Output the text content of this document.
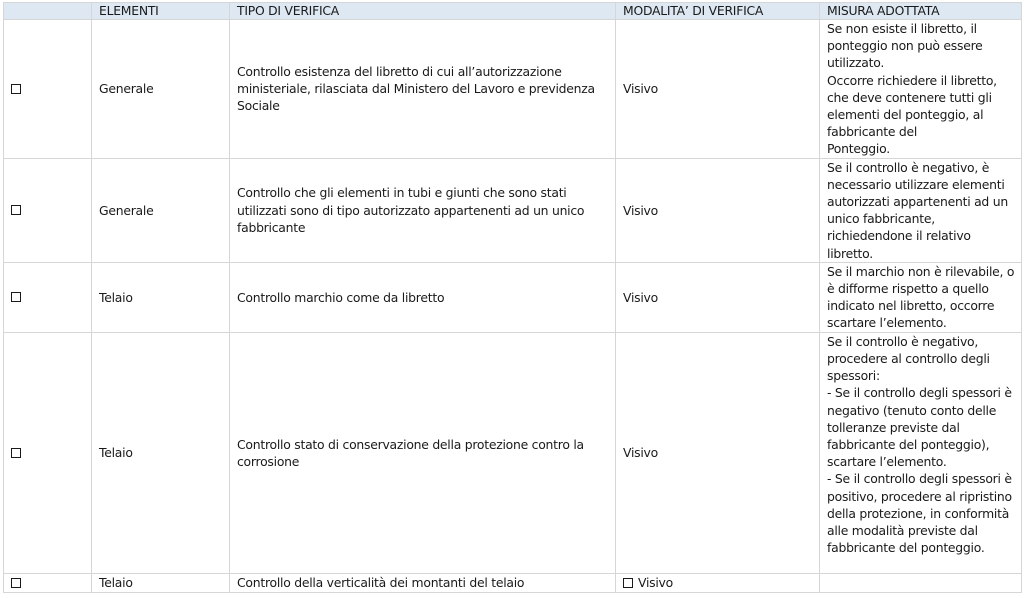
	ELEMENTI	TIPO DI VERIFICA	MODALITA’ DI VERIFICA	MISURA ADOTTATA
	Generale	Controllo esistenza del libretto di cui all’autorizzazione ministeriale, rilasciata dal Ministero del Lavoro e previdenza Sociale	Visivo	Se non esiste il libretto, il ponteggio non può essere utilizzato.
Occorre richiedere il libretto, che deve contenere tutti gli elementi del ponteggio, al fabbricante del
Ponteggio.

	Generale	Controllo che gli elementi in tubi e giunti che sono stati utilizzati sono di tipo autorizzato appartenenti ad un unico fabbricante	Visivo	Se il controllo è negativo, è necessario utilizzare elementi autorizzati appartenenti ad un unico fabbricante, richiedendone il relativo libretto.

	Telaio	Controllo marchio come da libretto	Visivo	Se il marchio non è rilevabile, o è difforme rispetto a quello indicato nel libretto, occorre scartare l’elemento.

	Telaio	Controllo stato di conservazione della protezione contro la corrosione	Visivo	Se il controllo è negativo, procedere al controllo degli spessori:
- Se il controllo degli spessori è negativo (tenuto conto delle tolleranze previste dal fabbricante del ponteggio), scartare l’elemento.
- Se il controllo degli spessori è positivo, procedere al ripristino della protezione, in conformità alle modalità previste dal fabbricante del ponteggio.

	Telaio	Controllo della verticalità dei montanti del telaio	Visivo	
